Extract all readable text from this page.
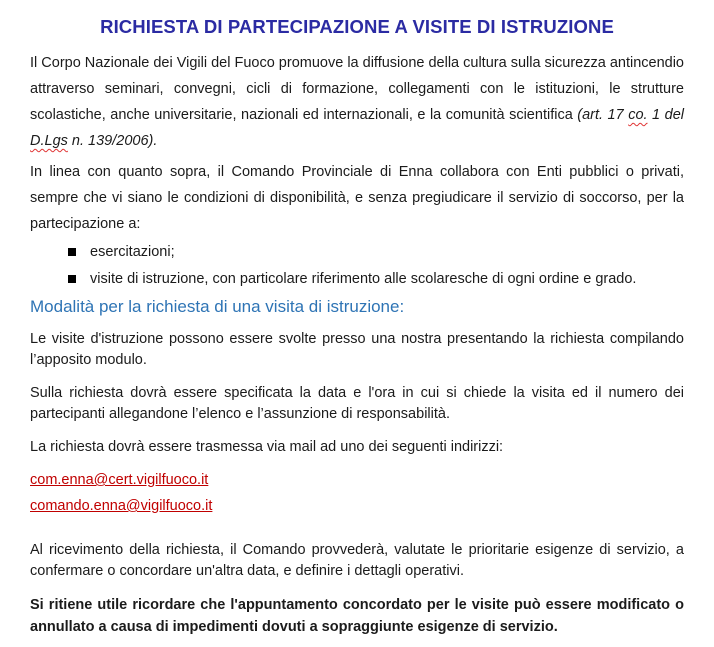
RICHIESTA DI PARTECIPAZIONE A VISITE DI ISTRUZIONE

Il Corpo Nazionale dei Vigili del Fuoco promuove la diffusione della cultura sulla sicurezza antincendio attraverso seminari, convegni, cicli di formazione, collegamenti con le istituzioni, le strutture scolastiche, anche universitarie, nazionali ed internazionali, e la comunità scientifica (art. 17 co. 1 del D.Lgs n. 139/2006).

In linea con quanto sopra, il Comando Provinciale di Enna collabora con Enti pubblici o privati, sempre che vi siano le condizioni di disponibilità, e senza pregiudicare il servizio di soccorso, per la partecipazione a:

esercitazioni;
visite di istruzione, con particolare riferimento alle scolaresche di ogni ordine e grado.
Modalità per la richiesta di una visita di istruzione:

Le visite d'istruzione possono essere svolte presso una nostra presentando la richiesta compilando l’apposito modulo.

Sulla richiesta dovrà essere specificata la data e l'ora in cui si chiede la visita ed il numero dei partecipanti allegandone l’elenco e l’assunzione di responsabilità.

La richiesta dovrà essere trasmessa via mail ad uno dei seguenti indirizzi:

com.enna@cert.vigilfuoco.it
comando.enna@vigilfuoco.it

Al ricevimento della richiesta, il Comando provvederà, valutate le prioritarie esigenze di servizio, a confermare o concordare un'altra data, e definire i dettagli operativi.

Si ritiene utile ricordare che l'appuntamento concordato per le visite può essere modificato o annullato a causa di impedimenti dovuti a sopraggiunte esigenze di servizio.
